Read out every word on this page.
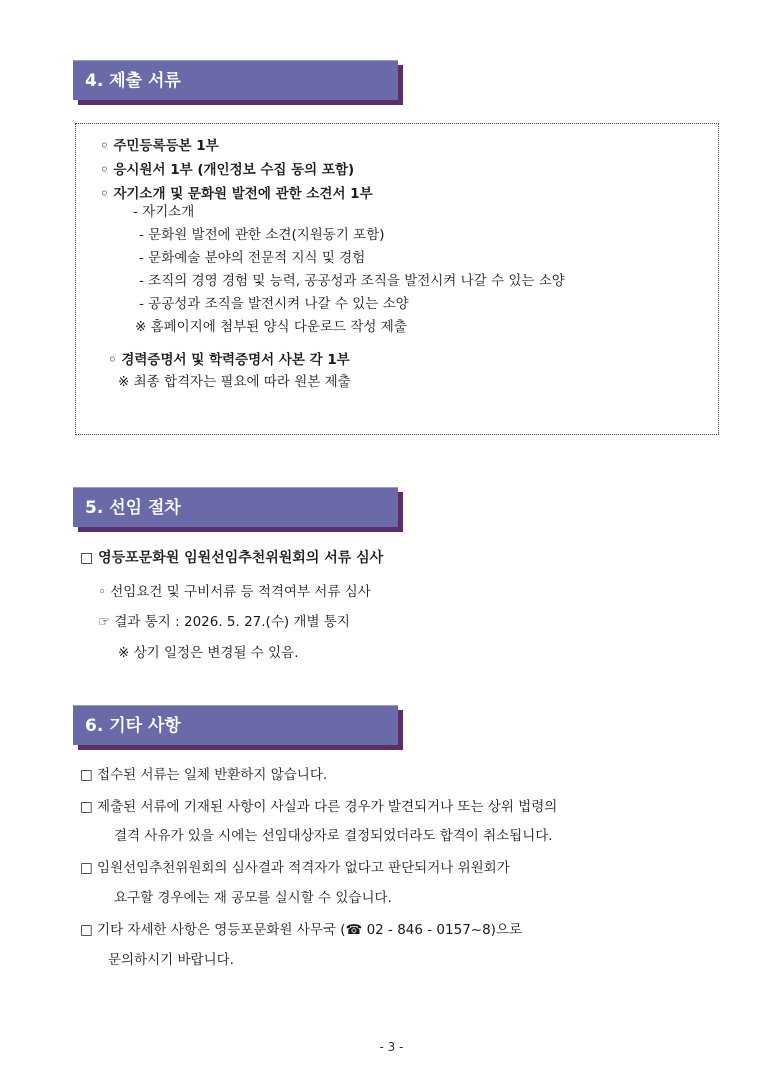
4. 제출 서류
◦ 주민등록등본 1부
◦ 응시원서 1부 (개인정보 수집 동의 포함)
◦ 자기소개 및 문화원 발전에 관한 소견서 1부
- 자기소개
- 문화원 발전에 관한 소견(지원동기 포함)
- 문화예술 분야의 전문적 지식 및 경험
- 조직의 경영 경험 및 능력, 공공성과 조직을 발전시켜 나갈 수 있는 소양
- 공공성과 조직을 발전시켜 나갈 수 있는 소양
※ 홈페이지에 첨부된 양식 다운로드 작성 제출
◦ 경력증명서 및 학력증명서 사본 각 1부
※ 최종 합격자는 필요에 따라 원본 제출
5. 선임 절차
□ 영등포문화원 임원선임추천위원회의 서류 심사
◦ 선임요건 및 구비서류 등 적격여부 서류 심사
☞ 결과 통지 : 2026. 5. 27.(수) 개별 통지
※ 상기 일정은 변경될 수 있음.
6. 기타 사항
□ 접수된 서류는 일체 반환하지 않습니다.
□ 제출된 서류에 기재된 사항이 사실과 다른 경우가 발견되거나 또는 상위 법령의
결격 사유가 있을 시에는 선임대상자로 결정되었더라도 합격이 취소됩니다.
□ 임원선임추천위원회의 심사결과 적격자가 없다고 판단되거나 위원회가
요구할 경우에는 재 공모를 실시할 수 있습니다.
□ 기타 자세한 사항은 영등포문화원 사무국 (☎ 02 - 846 - 0157~8)으로
문의하시기 바랍니다.
- 3 -
